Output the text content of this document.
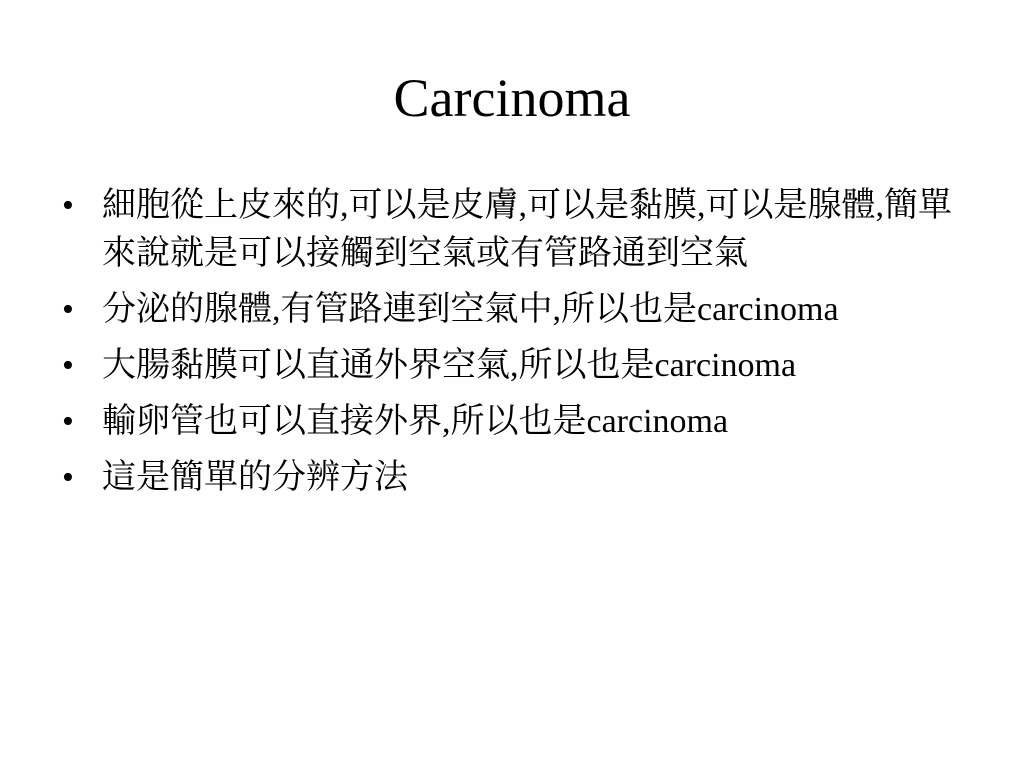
Carcinoma
• 細胞從上皮來的,可以是皮膚,可以是黏膜,可以是腺體,簡單來說就是可以接觸到空氣或有管路通到空氣
• 分泌的腺體,有管路連到空氣中,所以也是carcinoma
• 大腸黏膜可以直通外界空氣,所以也是carcinoma
• 輸卵管也可以直接外界,所以也是carcinoma
• 這是簡單的分辨方法
